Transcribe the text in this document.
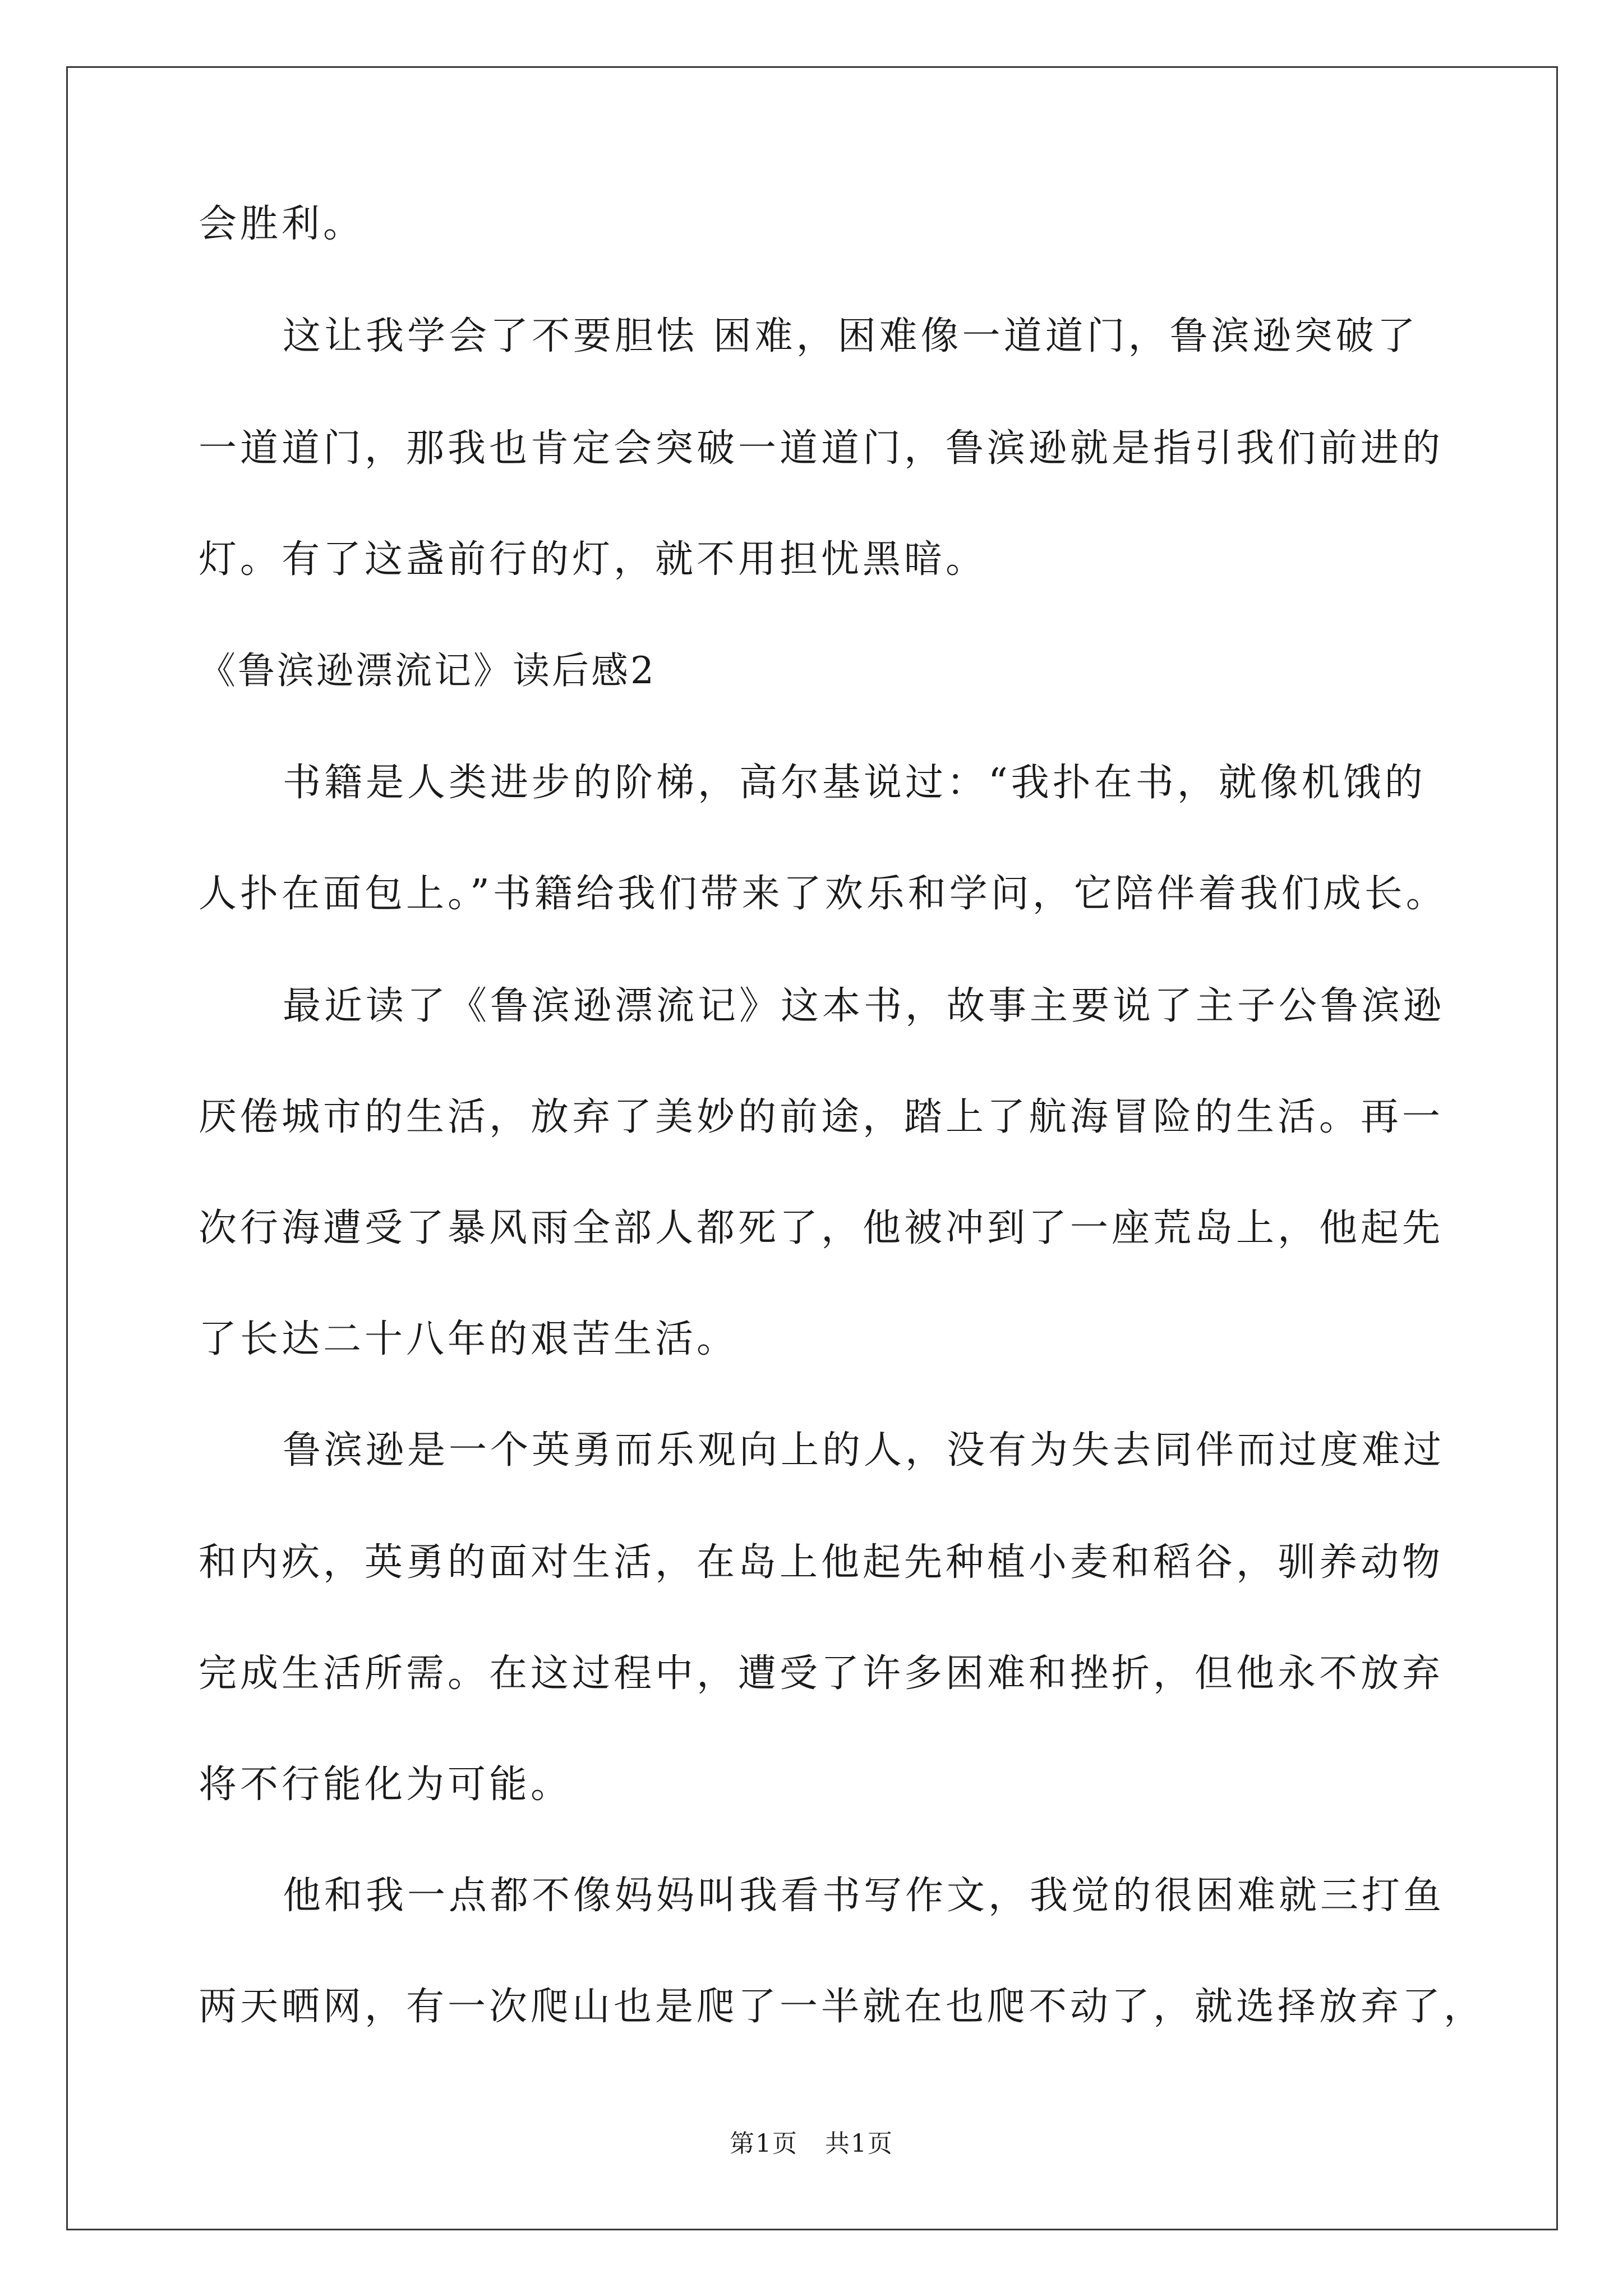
会胜利。
这让我学会了不要胆怯 困难，困难像一道道门，鲁滨逊突破了
一道道门，那我也肯定会突破一道道门，鲁滨逊就是指引我们前进的
灯。有了这盏前行的灯，就不用担忧黑暗。
《鲁滨逊漂流记》读后感2
书籍是人类进步的阶梯，高尔基说过：“我扑在书，就像机饿的
人扑在面包上。”书籍给我们带来了欢乐和学问，它陪伴着我们成长。
最近读了《鲁滨逊漂流记》这本书，故事主要说了主子公鲁滨逊
厌倦城市的生活，放弃了美妙的前途，踏上了航海冒险的生活。再一
次行海遭受了暴风雨全部人都死了，他被冲到了一座荒岛上，他起先
了长达二十八年的艰苦生活。
鲁滨逊是一个英勇而乐观向上的人，没有为失去同伴而过度难过
和内疚，英勇的面对生活，在岛上他起先种植小麦和稻谷，驯养动物
完成生活所需。在这过程中，遭受了许多困难和挫折，但他永不放弃
将不行能化为可能。
他和我一点都不像妈妈叫我看书写作文，我觉的很困难就三打鱼
两天晒网，有一次爬山也是爬了一半就在也爬不动了，就选择放弃了，
第1页   共1页
